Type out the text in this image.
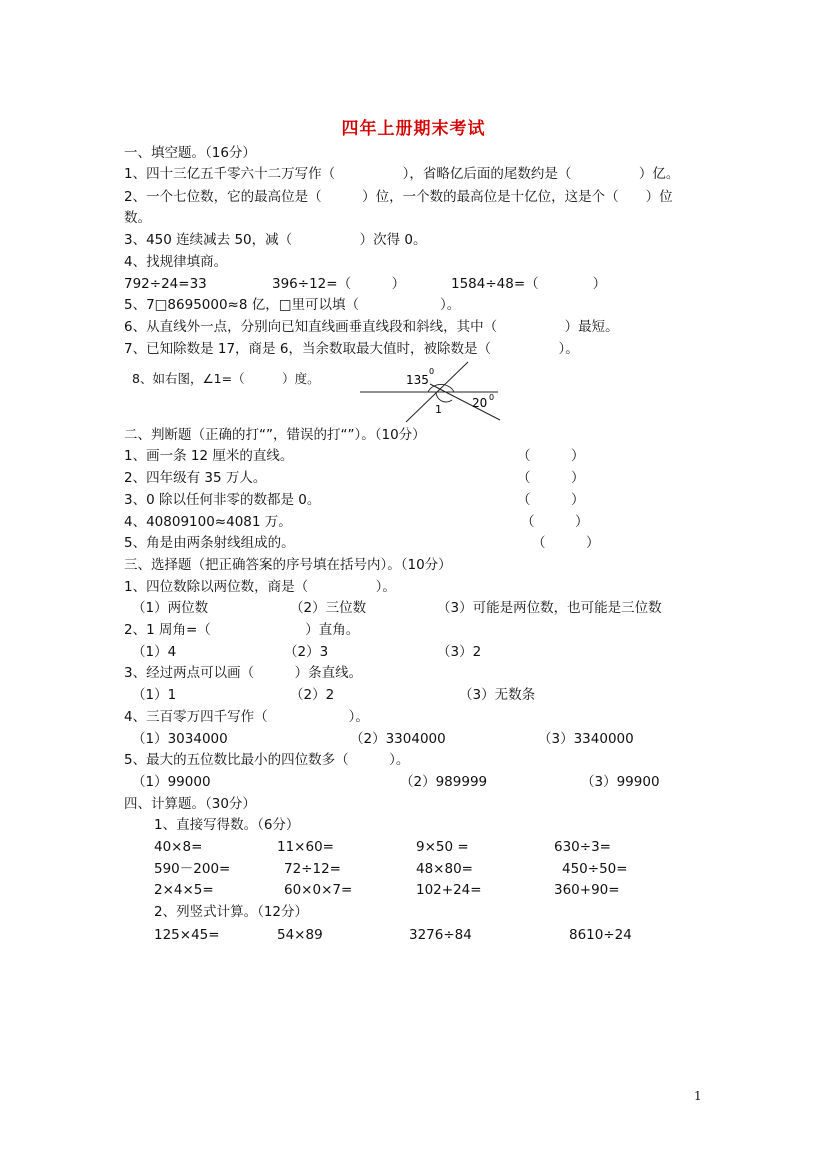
四年上册期末考试
一、填空题。（16分）
1、四十三亿五千零六十二万写作（　　　　　），省略亿后面的尾数约是（　　　　　）亿。
2、一个七位数，它的最高位是（　　　）位，一个数的最高位是十亿位，这是个（　　）位
数。
3、450 连续减去 50，减（　　　　　）次得 0。
4、找规律填商。
792÷24=33	396÷12=（　　　）	1584÷48=（　　　　）
5、7□8695000≈8 亿，□里可以填（　　　　　　）。
6、从直线外一点，分别向已知直线画垂直线段和斜线，其中（　　　　　）最短。
7、已知除数是 17，商是 6，当余数取最大值时，被除数是（　　　　　）。
8、如右图，∠1=（　　　）度。	135
0
20 0
1
二、判断题（正确的打“”，错误的打“”）。（10分）
1、画一条 12 厘米的直线。	（　　　）
2、四年级有 35 万人。	（　　　）
3、0 除以任何非零的数都是 0。	（　　　）
4、40809100≈4081 万。	（　　　）
5、角是由两条射线组成的。	（　　　）
三、选择题（把正确答案的序号填在括号内）。（10分）
1、四位数除以两位数，商是（　　　　　）。
（1）两位数	（2）三位数	（3）可能是两位数，也可能是三位数
2、1 周角=（　　　　　　　）直角。
（1）4	（2）3	（3）2
3、经过两点可以画（　　　）条直线。
（1）1	（2）2	（3）无数条
4、三百零万四千写作（　　　　　　）。
（1）3034000	（2）3304000	（3）3340000
5、最大的五位数比最小的四位数多（　　　）。
（1）99000	（2）989999	（3）99900
四、计算题。（30分）
1、直接写得数。（6分）
40×8=	11×60=	9×50 =	630÷3=
590－200=	72÷12=	48×80=	450÷50=
2×4×5=	60×0×7=	102+24=	360+90=
2、列竖式计算。（12分）
125×45=	54×89	3276÷84	8610÷24
1
